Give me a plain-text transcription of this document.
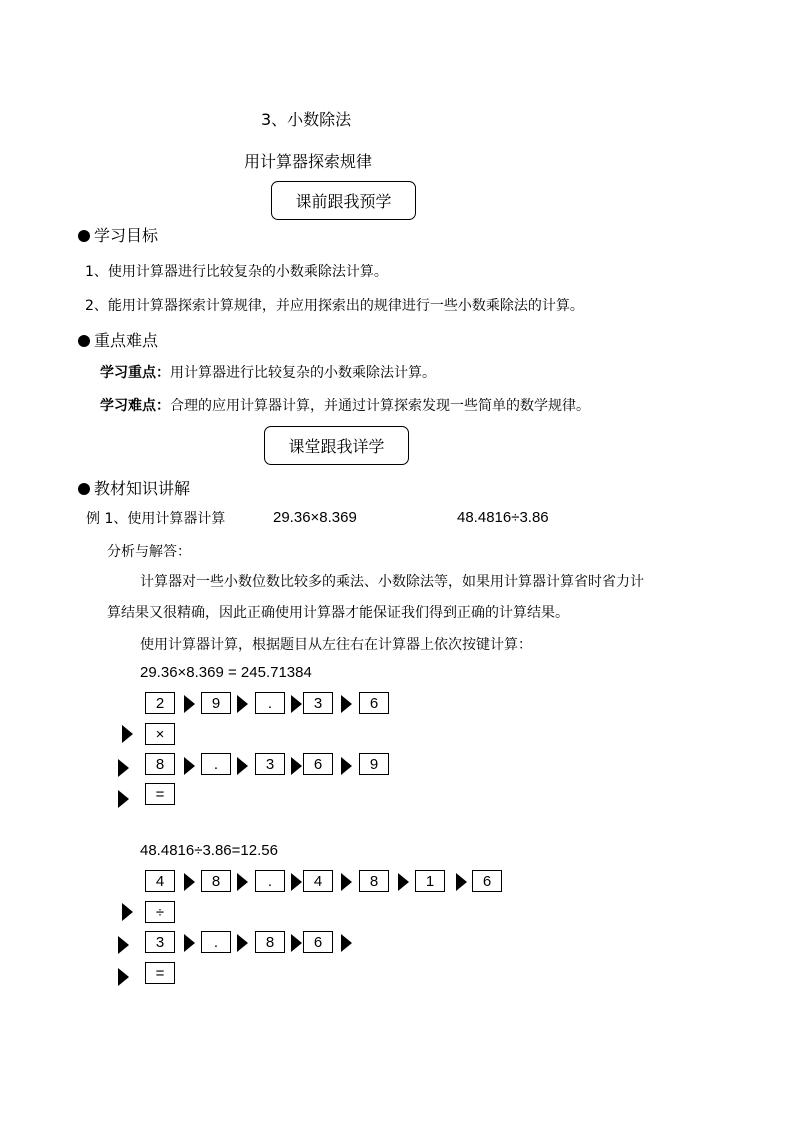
3、小数除法
用计算器探索规律
课前跟我预学
学习目标
1、使用计算器进行比较复杂的小数乘除法计算。
2、能用计算器探索计算规律，并应用探索出的规律进行一些小数乘除法的计算。
重点难点
学习重点：用计算器进行比较复杂的小数乘除法计算。
学习难点：合理的应用计算器计算，并通过计算探索发现一些简单的数学规律。
课堂跟我详学
教材知识讲解
例 1、使用计算器计算	29.36×8.369	48.4816÷3.86
分析与解答：
计算器对一些小数位数比较多的乘法、小数除法等，如果用计算器计算省时省力计
算结果又很精确，因此正确使用计算器才能保证我们得到正确的计算结果。
使用计算器计算，根据题目从左往右在计算器上依次按键计算：
29.36×8.369 = 245.71384
2	9	.	3	6
×
8	.	3	6	9
=
48.4816÷3.86=12.56
4	8	.	4	8	1	6
÷
3	.	8	6
=
